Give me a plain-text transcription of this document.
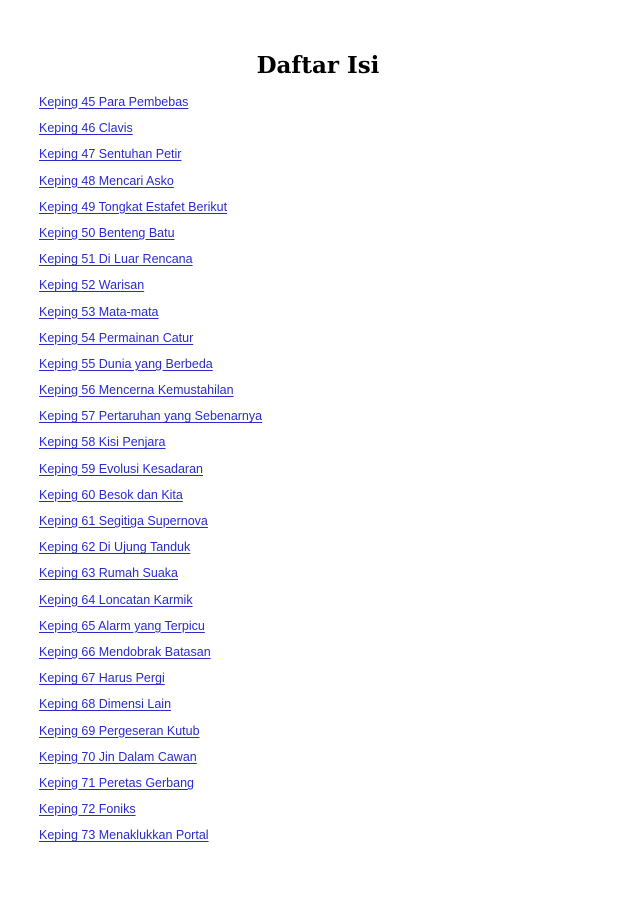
Daftar Isi
Keping 45 Para Pembebas
Keping 46 Clavis
Keping 47 Sentuhan Petir
Keping 48 Mencari Asko
Keping 49 Tongkat Estafet Berikut
Keping 50 Benteng Batu
Keping 51 Di Luar Rencana
Keping 52 Warisan
Keping 53 Mata-mata
Keping 54 Permainan Catur
Keping 55 Dunia yang Berbeda
Keping 56 Mencerna Kemustahilan
Keping 57 Pertaruhan yang Sebenarnya
Keping 58 Kisi Penjara
Keping 59 Evolusi Kesadaran
Keping 60 Besok dan Kita
Keping 61 Segitiga Supernova
Keping 62 Di Ujung Tanduk
Keping 63 Rumah Suaka
Keping 64 Loncatan Karmik
Keping 65 Alarm yang Terpicu
Keping 66 Mendobrak Batasan
Keping 67 Harus Pergi
Keping 68 Dimensi Lain
Keping 69 Pergeseran Kutub
Keping 70 Jin Dalam Cawan
Keping 71 Peretas Gerbang
Keping 72 Foniks
Keping 73 Menaklukkan Portal
